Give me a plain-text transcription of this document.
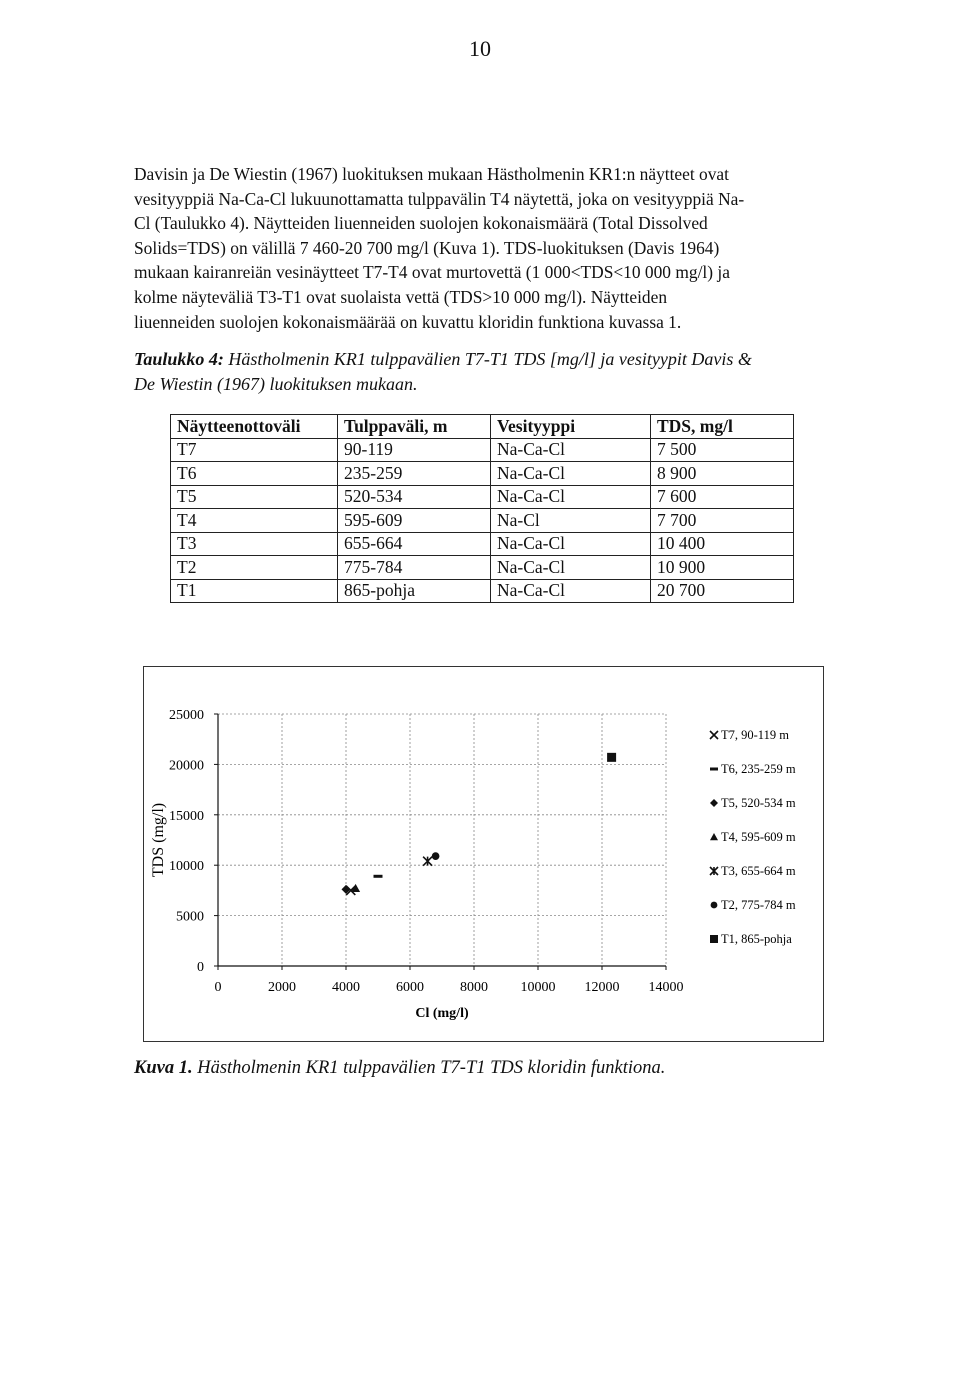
10

Davisin ja De Wiestin (1967) luokituksen mukaan Hästholmenin KR1:n näytteet ovat

vesityyppiä Na-Ca-Cl lukuunottamatta tulppavälin T4 näytettä, joka on vesityyppiä Na-

Cl (Taulukko 4). Näytteiden liuenneiden suolojen kokonaismäärä (Total Dissolved

Solids=TDS) on välillä 7 460-20 700 mg/l (Kuva 1). TDS-luokituksen (Davis 1964)

mukaan kairanreiän vesinäytteet T7-T4 ovat murtovettä (1 000<TDS<10 000 mg/l) ja

kolme näyteväliä T3-T1 ovat suolaista vettä (TDS>10 000 mg/l). Näytteiden

liuenneiden suolojen kokonaismäärää on kuvattu kloridin funktiona kuvassa 1.

Taulukko 4: Hästholmenin KR1 tulppavälien T7-T1 TDS [mg/l] ja vesityypit Davis &
De Wiestin (1967) luokituksen mukaan.
Näytteenottoväli	Tulppaväli, m	Vesityyppi	TDS, mg/l
T7	90-119	Na-Ca-Cl	7 500
T6	235-259	Na-Ca-Cl	8 900
T5	520-534	Na-Ca-Cl	7 600
T4	595-609	Na-Cl	7 700
T3	655-664	Na-Ca-Cl	10 400
T2	775-784	Na-Ca-Cl	10 900
T1	865-pohja	Na-Ca-Cl	20 700
0
5000
10000
15000
20000
25000
0	2000	4000	6000	8000 10000 12000 14000
Cl (mg/l)
TDS (mg/l)
T7, 90-119 m
T6, 235-259 m
T5, 520-534 m
T4, 595-609 m
T3, 655-664 m
T2, 775-784 m
T1, 865-pohja
Kuva 1. Hästholmenin KR1 tulppavälien T7-T1 TDS kloridin funktiona.
